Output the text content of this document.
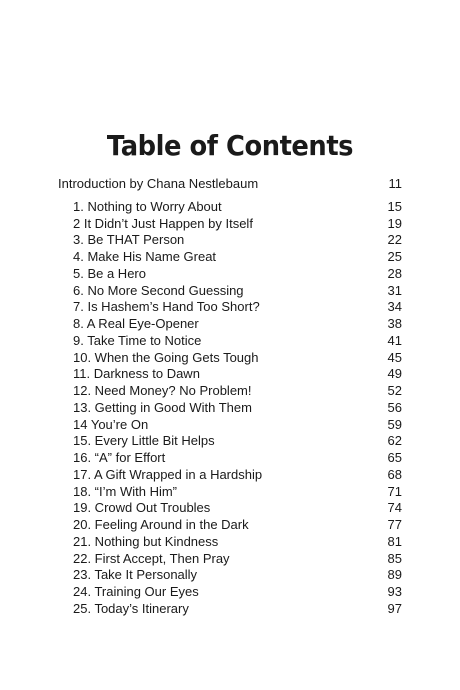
Table of Contents
Introduction by Chana Nestlebaum	11
1. Nothing to Worry About	15
2 It Didn’t Just Happen by Itself	19
3. Be THAT Person	22
4. Make His Name Great	25
5. Be a Hero	28
6. No More Second Guessing	31
7. Is Hashem’s Hand Too Short?	34
8. A Real Eye-Opener	38
9. Take Time to Notice	41
10. When the Going Gets Tough	45
11. Darkness to Dawn	49
12. Need Money? No Problem!	52
13. Getting in Good With Them	56
14 You’re On	59
15. Every Little Bit Helps	62
16. “A” for Effort	65
17. A Gift Wrapped in a Hardship	68
18. “I’m With Him”	71
19. Crowd Out Troubles	74
20. Feeling Around in the Dark	77
21. Nothing but Kindness	81
22. First Accept, Then Pray	85
23. Take It Personally	89
24. Training Our Eyes	93
25. Today’s Itinerary	97
